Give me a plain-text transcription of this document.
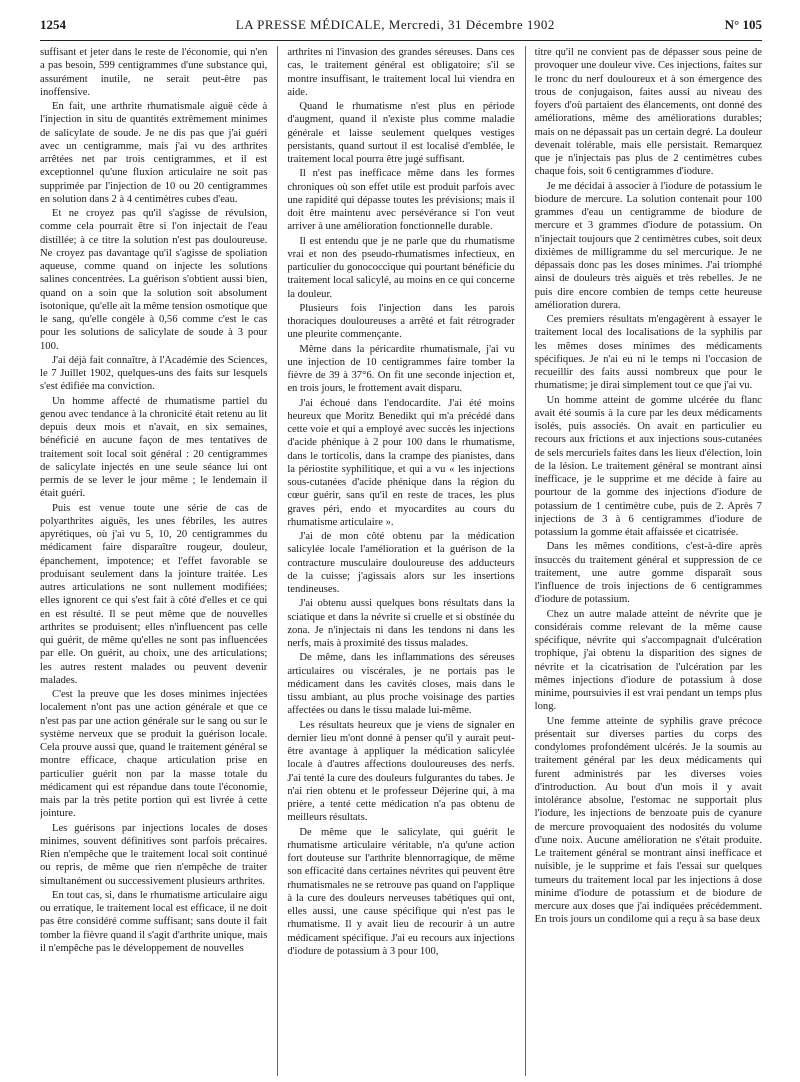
1254	LA PRESSE MÉDICALE, Mercredi, 31 Décembre 1902	N° 105

suffisant et jeter dans le reste de l'économie, qui n'en a pas besoin, 599 centigrammes d'une substance qui, assurément inutile, ne serait peut-être pas inoffensive.

En fait, une arthrite rhumatismale aiguë cède à l'injection in situ de quantités extrêmement minimes de salicylate de soude. Je ne dis pas que j'ai guéri avec un centigramme, mais j'ai vu des arthrites arrêtées net par trois centigrammes, et il est exceptionnel qu'une fluxion articulaire ne soit pas supprimée par l'injection de 10 ou 20 centigrammes en solution dans 2 à 4 centimètres cubes d'eau.

Et ne croyez pas qu'il s'agisse de révulsion, comme cela pourrait être si l'on injectait de l'eau distillée; à ce titre la solution n'est pas douloureuse. Ne croyez pas davantage qu'il s'agisse de spoliation aqueuse, comme quand on injecte les solutions salines concentrées. La guérison s'obtient aussi bien, quand on a soin que la solution soit absolument isotonique, qu'elle ait la même tension osmotique que le sang, qu'elle congèle à 0,56 comme c'est le cas pour les solutions de salicylate de soude à 3 pour 100.

J'ai déjà fait connaître, à l'Académie des Sciences, le 7 Juillet 1902, quelques-uns des faits sur lesquels s'est édifiée ma conviction.

Un homme affecté de rhumatisme partiel du genou avec tendance à la chronicité était retenu au lit depuis deux mois et n'avait, en six semaines, bénéficié en aucune façon de mes tentatives de traitement soit local soit général : 20 centigrammes de salicylate injectés en une seule séance lui ont permis de se lever le jour même ; le lendemain il était guéri.

Puis est venue toute une série de cas de polyarthrites aiguës, les unes fébriles, les autres apyrétiques, où j'ai vu 5, 10, 20 centigrammes du médicament faire disparaître rougeur, douleur, épanchement, impotence; et l'effet favorable se produisant seulement dans la jointure traitée. Les autres articulations ne sont nullement modifiées; elles ignorent ce qui s'est fait à côté d'elles et ce qui en est résulté. Il se peut même que de nouvelles arthrites se produisent; elles n'influencent pas celle qui guérit, de même qu'elles ne sont pas influencées par elle. On guérit, au choix, une des articulations; les autres restent malades ou peuvent devenir malades.

C'est la preuve que les doses minimes injectées localement n'ont pas une action générale et que ce n'est pas par une action générale sur le sang ou sur le système nerveux que se produit la guérison locale. Cela prouve aussi que, quand le traitement général se montre efficace, chaque articulation prise en particulier guérit non par la masse totale du médicament qui est répandue dans toute l'économie, mais par la très petite portion qui est livrée à cette jointure.

Les guérisons par injections locales de doses minimes, souvent définitives sont parfois précaires. Rien n'empêche que le traitement local soit continué ou repris, de même que rien n'empêche de traiter simultanément ou successivement plusieurs arthrites.

En tout cas, si, dans le rhumatisme articulaire aigu ou erratique, le traitement local est efficace, il ne doit pas être considéré comme suffisant; sans doute il fait tomber la fièvre quand il s'agit d'arthrite unique, mais il n'empêche pas le développement de nouvelles

arthrites ni l'invasion des grandes séreuses. Dans ces cas, le traitement général est obligatoire; s'il se montre insuffisant, le traitement local lui viendra en aide.

Quand le rhumatisme n'est plus en période d'augment, quand il n'existe plus comme maladie générale et laisse seulement quelques vestiges persistants, quand surtout il est localisé d'emblée, le traitement local pourra être jugé suffisant.

Il n'est pas inefficace même dans les formes chroniques où son effet utile est produit parfois avec une rapidité qui dépasse toutes les prévisions; mais il doit être maintenu avec persévérance si l'on veut arriver à une amélioration fonctionnelle durable.

Il est entendu que je ne parle que du rhumatisme vrai et non des pseudo-rhumatismes infectieux, en particulier du gonococcique qui pourtant bénéficie du traitement local salicylé, au moins en ce qui concerne la douleur.

Plusieurs fois l'injection dans les parois thoraciques douloureuses a arrêté et fait rétrograder une pleurite commençante.

Même dans la péricardite rhumatismale, j'ai vu une injection de 10 centigrammes faire tomber la fièvre de 39 à 37°6. On fit une seconde injection et, en trois jours, le frottement avait disparu.

J'ai échoué dans l'endocardite. J'ai été moins heureux que Moritz Benedikt qui m'a précédé dans cette voie et qui a employé avec succès les injections d'acide phénique à 2 pour 100 dans le rhumatisme, dans le torticolis, dans la crampe des pianistes, dans la périostite syphilitique, et qui a vu « les injections sous-cutanées d'acide phénique dans la région du cœur guérir, sans qu'il en reste de traces, les plus graves péri, endo et myocardites au cours du rhumatisme articulaire ».

J'ai de mon côté obtenu par la médication salicylée locale l'amélioration et la guérison de la contracture musculaire douloureuse des adducteurs de la cuisse; j'agissais alors sur les insertions tendineuses.

J'ai obtenu aussi quelques bons résultats dans la sciatique et dans la névrite si cruelle et si obstinée du zona. Je n'injectais ni dans les tendons ni dans les nerfs, mais à proximité des tissus malades.

De même, dans les inflammations des séreuses articulaires ou viscérales, je ne portais pas le médicament dans les cavités closes, mais dans le tissu ambiant, au plus proche voisinage des parties affectées ou dans le tissu malade lui-même.

Les résultats heureux que je viens de signaler en dernier lieu m'ont donné à penser qu'il y aurait peut-être avantage à appliquer la médication salicylée locale à d'autres affections douloureuses des nerfs. J'ai tenté la cure des douleurs fulgurantes du tabes. Je n'ai rien obtenu et le professeur Déjerine qui, à ma prière, a tenté cette médication n'a pas obtenu de meilleurs résultats.

De même que le salicylate, qui guérit le rhumatisme articulaire véritable, n'a qu'une action fort douteuse sur l'arthrite blennorragique, de même son efficacité dans certaines névrites qui peuvent être rhumatismales ne se retrouve pas quand on l'applique à la cure des douleurs nerveuses tabétiques qui ont, elles aussi, une cause spécifique qui n'est pas le rhumatisme. Il y avait lieu de recourir à un autre médicament spécifique. J'ai eu recours aux injections d'iodure de potassium à 3 pour 100,

titre qu'il ne convient pas de dépasser sous peine de provoquer une douleur vive. Ces injections, faites sur le tronc du nerf douloureux et à son émergence des trous de conjugaison, faites aussi au niveau des foyers d'où partaient des élancements, ont donné des améliorations, même des améliorations durables; mais on ne dépassait pas un certain degré. La douleur devenait tolérable, mais elle persistait. Remarquez que je n'injectais pas plus de 2 centimètres cubes chaque fois, soit 6 centigrammes d'iodure.

Je me décidai à associer à l'iodure de potassium le biodure de mercure. La solution contenait pour 100 grammes d'eau un centigramme de biodure de mercure et 3 grammes d'iodure de potassium. On n'injectait toujours que 2 centimètres cubes, soit deux dixièmes de milligramme du sel mercurique. Je ne dépassais donc pas les doses minimes. J'ai triomphé ainsi de douleurs très aiguës et très rebelles. Je ne puis dire encore combien de temps cette heureuse amélioration durera.

Ces premiers résultats m'engagèrent à essayer le traitement local des localisations de la syphilis par les mêmes doses minimes des médicaments spécifiques. Je n'ai eu ni le temps ni l'occasion de recueillir des faits aussi nombreux que pour le rhumatisme; je dirai simplement tout ce que j'ai vu.

Un homme atteint de gomme ulcérée du flanc avait été soumis à la cure par les deux médicaments isolés, puis associés. On avait en particulier eu recours aux frictions et aux injections sous-cutanées de sels mercuriels faites dans les lieux d'élection, loin de la lésion. Le traitement général se montrant ainsi inefficace, je le supprime et me décide à faire au pourtour de la gomme des injections d'iodure de potassium de 1 centimètre cube, puis de 2. Après 7 injections de 3 à 6 centigrammes d'iodure de potassium la gomme était affaissée et cicatrisée.

Dans les mêmes conditions, c'est-à-dire après insuccès du traitement général et suppression de ce traitement, une autre gomme disparaît sous l'influence de trois injections de 6 centigrammes d'iodure de potassium.

Chez un autre malade atteint de névrite que je considérais comme relevant de la même cause spécifique, névrite qui s'accompagnait d'ulcération trophique, j'ai obtenu la disparition des signes de névrite et la cicatrisation de l'ulcération par les mêmes injections d'iodure de potassium à dose minime, poursuivies il est vrai pendant un temps plus long.

Une femme atteinte de syphilis grave précoce présentait sur diverses parties du corps des condylomes profondément ulcérés. Je la soumis au traitement général par les deux médicaments qui furent administrés par les diverses voies d'introduction. Au bout d'un mois il y avait intolérance absolue, l'estomac ne supportait plus l'iodure, les injections de benzoate puis de cyanure de mercure provoquaient des nodosités du volume d'une noix. Aucune amélioration ne s'était produite. Le traitement général se montrant ainsi inefficace et nuisible, je le supprime et fais l'essai sur quelques tumeurs du traitement local par les injections à dose minime d'iodure de potassium et de biodure de mercure aux doses que j'ai indiquées précédemment. En trois jours un condilome qui a reçu à sa base deux
